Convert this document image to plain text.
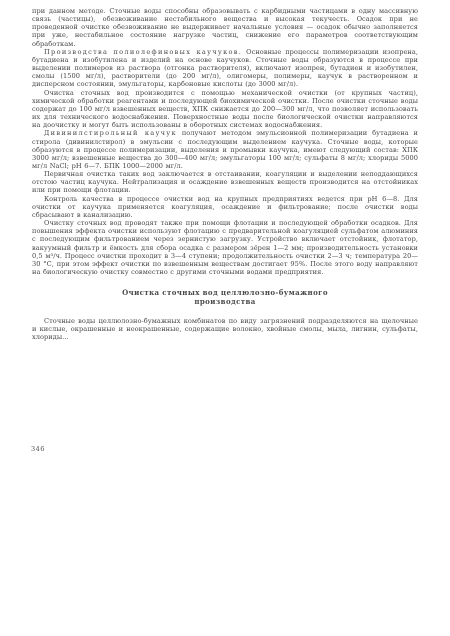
при данном методе. Сточные воды способны образовывать с карбидными частицами в одну массивную связь (частицы), обезвоживание нестабильного вещества и высокая текучесть. Осадок при не проведенной очистке обезвоживание не выдерживает начальные условия — осадок обычно заполняется при уже, нестабильное состояние нагрузке частиц, снижение его параметров соответствующим обработкам.

Производства полиолефиновых каучуков. Основные процессы полимеризации изопрена, бутадиена и изобутилена и изделий на основе каучуков. Сточные воды образуются в процессе при выделении полимеров из раствора (отгонка растворителя), включают изопрен, бутадиен и изобутилен, смолы (1500 мг/л), растворители (до 200 мг/л), олигомеры, полимеры, каучук в растворенном и дисперсном состоянии, эмульгаторы, карбоновые кислоты (до 3000 мг/л).

Очистка сточных вод производится с помощью механической очистки (от крупных частиц), химической обработки реагентами и последующей биохимической очистки. После очистки сточные воды содержат до 100 мг/л взвешенных веществ, ХПК снижается до 200—300 мг/л, что позволяет использовать их для технического водоснабжения. Поверхностные воды после биологической очистки направляются на доочистку и могут быть использованы в оборотных системах водоснабжения.

Дивинилстирольный каучук получают методом эмульсионной полимеризации бутадиена и стирола (дивинилстирол) в эмульсии с последующим выделением каучука. Сточные воды, которые образуются в процессе полимеризации, выделения и промывки каучука, имеют следующий состав: ХПК 3000 мг/л; взвешенные вещества до 300—400 мг/л; эмульгаторы 100 мг/л; сульфаты 8 мг/л; хлориды 5000 мг/л NaCl; pH 6—7. БПК 1000—2000 мг/л.

Первичная очистка таких вод заключается в отстаивании, коагуляции и выделении неподдающихся отстою частиц каучука. Нейтрализация и осаждение взвешенных веществ производится на отстойниках или при помощи флотации.

Контроль качества в процессе очистки вод на крупных предприятиях ведется при рН 6—8. Для очистки от каучука применяется коагуляция, осаждение и фильтрование; после очистки воды сбрасывают в канализацию.

Очистку сточных вод проводят также при помощи флотации и последующей обработки осадков. Для повышения эффекта очистки используют флотацию с предварительной коагуляцией сульфатом алюминия с последующим фильтрованием через зернистую загрузку. Устройство включает отстойник, флотатор, вакуумный фильтр и ёмкость для сбора осадка с размером зёрен 1—2 мм; производительность установки 0,5 м³/ч. Процесс очистки проходит в 3—4 ступени; продолжительность очистки 2—3 ч; температура 20—30 °С, при этом эффект очистки по взвешенным веществам достигает 95%. После этого воду направляют на биологическую очистку совместно с другими сточными водами предприятия.

Очистка сточных вод целлюлозно-бумажного
производства

Сточные воды целлюлозно-бумажных комбинатов по виду загрязнений подразделяются на щелочные и кислые, окрашенные и неокрашенные, содержащие волокно, хвойные смолы, мыла, лигнин, сульфаты, хлориды...

346
